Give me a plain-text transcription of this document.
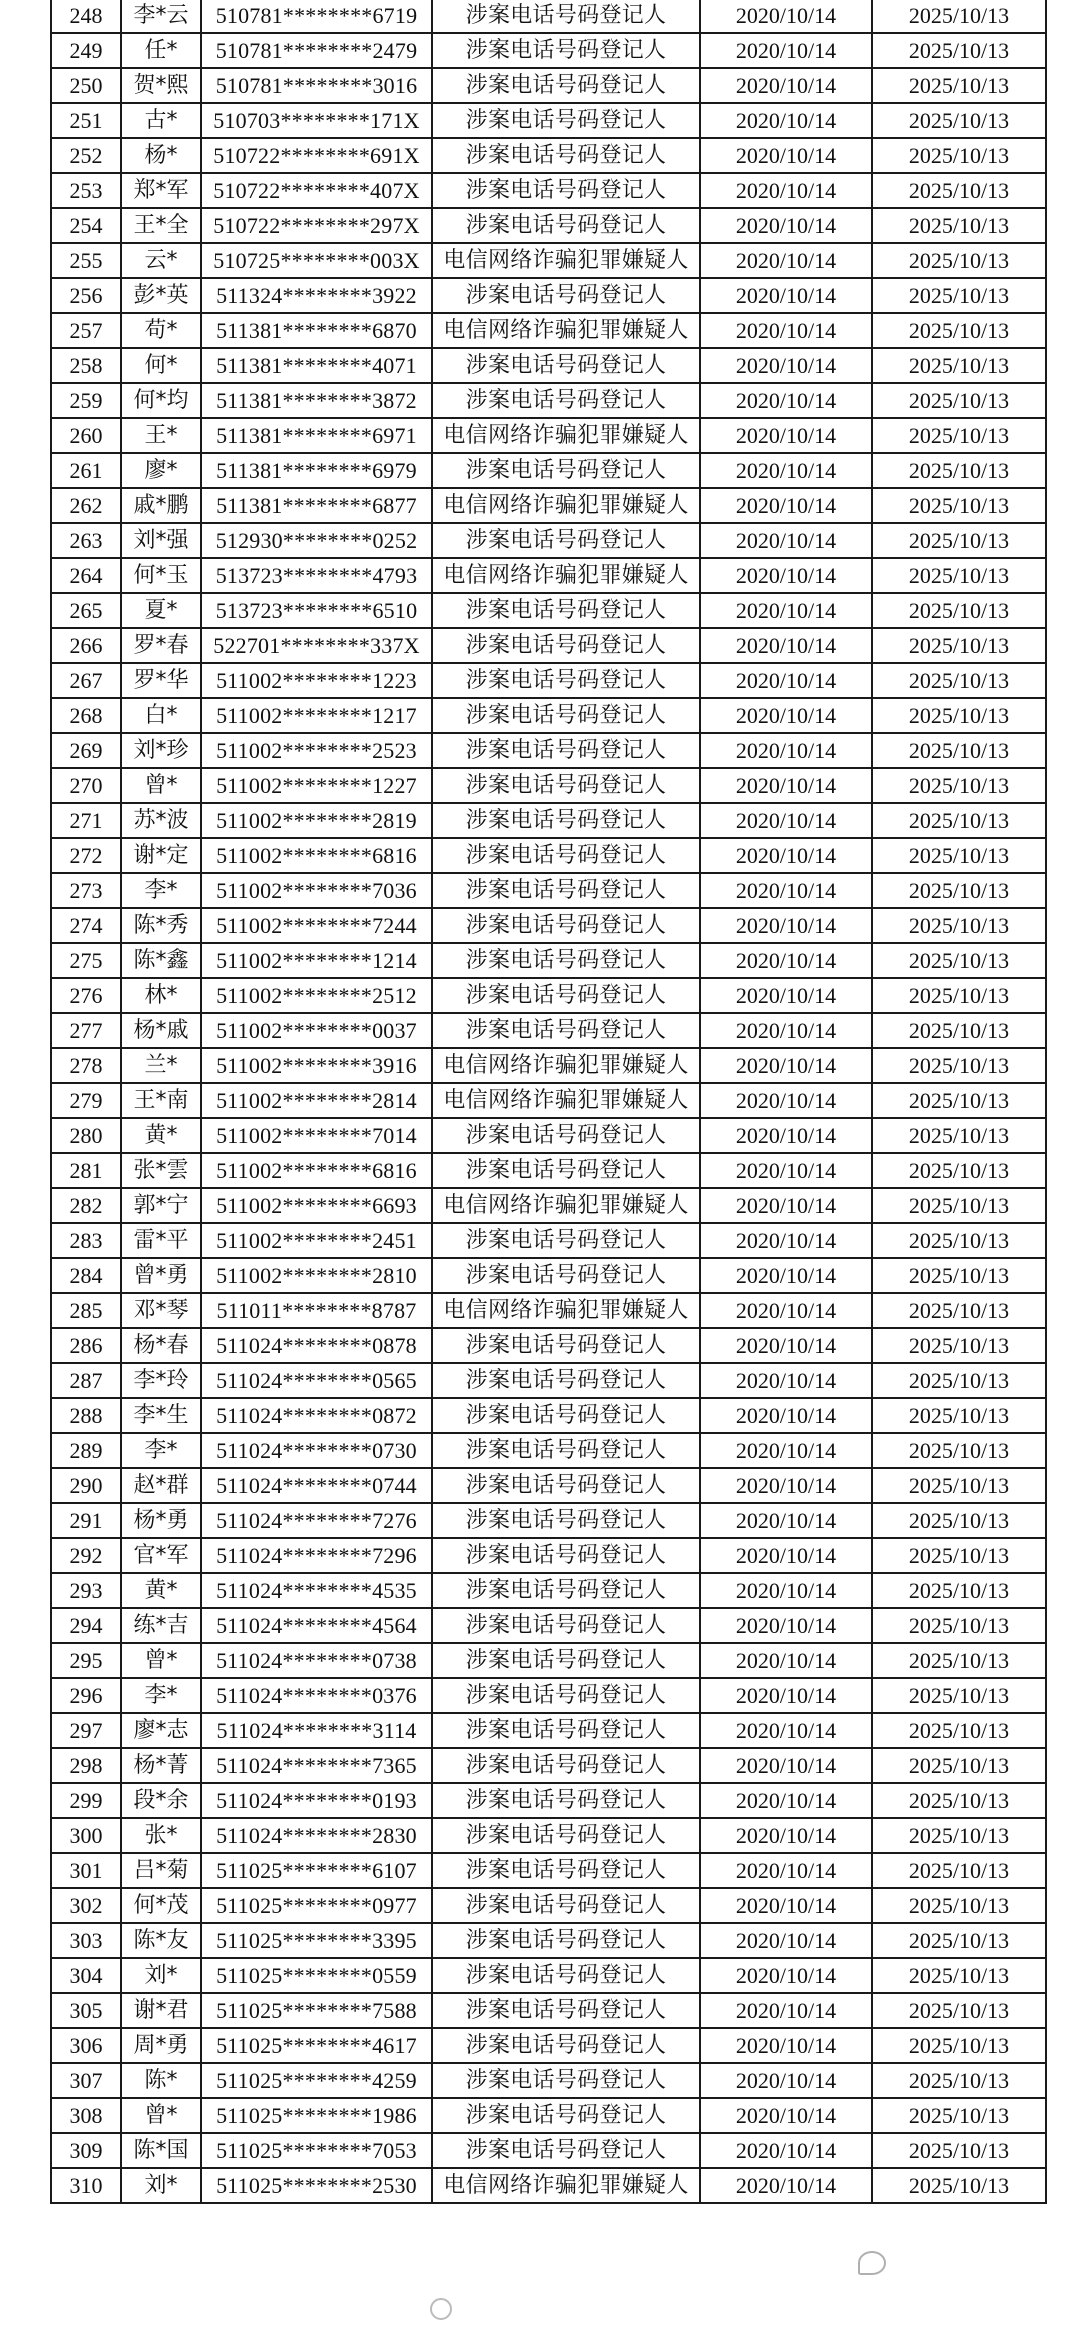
248	李*云	510781********6719	涉案电话号码登记人	2020/10/14	2025/10/13
249	任*	510781********2479	涉案电话号码登记人	2020/10/14	2025/10/13
250	贺*熙	510781********3016	涉案电话号码登记人	2020/10/14	2025/10/13
251	古*	510703********171X	涉案电话号码登记人	2020/10/14	2025/10/13
252	杨*	510722********691X	涉案电话号码登记人	2020/10/14	2025/10/13
253	郑*军	510722********407X	涉案电话号码登记人	2020/10/14	2025/10/13
254	王*全	510722********297X	涉案电话号码登记人	2020/10/14	2025/10/13
255	云*	510725********003X	电信网络诈骗犯罪嫌疑人	2020/10/14	2025/10/13
256	彭*英	511324********3922	涉案电话号码登记人	2020/10/14	2025/10/13
257	苟*	511381********6870	电信网络诈骗犯罪嫌疑人	2020/10/14	2025/10/13
258	何*	511381********4071	涉案电话号码登记人	2020/10/14	2025/10/13
259	何*均	511381********3872	涉案电话号码登记人	2020/10/14	2025/10/13
260	王*	511381********6971	电信网络诈骗犯罪嫌疑人	2020/10/14	2025/10/13
261	廖*	511381********6979	涉案电话号码登记人	2020/10/14	2025/10/13
262	戚*鹏	511381********6877	电信网络诈骗犯罪嫌疑人	2020/10/14	2025/10/13
263	刘*强	512930********0252	涉案电话号码登记人	2020/10/14	2025/10/13
264	何*玉	513723********4793	电信网络诈骗犯罪嫌疑人	2020/10/14	2025/10/13
265	夏*	513723********6510	涉案电话号码登记人	2020/10/14	2025/10/13
266	罗*春	522701********337X	涉案电话号码登记人	2020/10/14	2025/10/13
267	罗*华	511002********1223	涉案电话号码登记人	2020/10/14	2025/10/13
268	白*	511002********1217	涉案电话号码登记人	2020/10/14	2025/10/13
269	刘*珍	511002********2523	涉案电话号码登记人	2020/10/14	2025/10/13
270	曾*	511002********1227	涉案电话号码登记人	2020/10/14	2025/10/13
271	苏*波	511002********2819	涉案电话号码登记人	2020/10/14	2025/10/13
272	谢*定	511002********6816	涉案电话号码登记人	2020/10/14	2025/10/13
273	李*	511002********7036	涉案电话号码登记人	2020/10/14	2025/10/13
274	陈*秀	511002********7244	涉案电话号码登记人	2020/10/14	2025/10/13
275	陈*鑫	511002********1214	涉案电话号码登记人	2020/10/14	2025/10/13
276	林*	511002********2512	涉案电话号码登记人	2020/10/14	2025/10/13
277	杨*戚	511002********0037	涉案电话号码登记人	2020/10/14	2025/10/13
278	兰*	511002********3916	电信网络诈骗犯罪嫌疑人	2020/10/14	2025/10/13
279	王*南	511002********2814	电信网络诈骗犯罪嫌疑人	2020/10/14	2025/10/13
280	黄*	511002********7014	涉案电话号码登记人	2020/10/14	2025/10/13
281	张*雲	511002********6816	涉案电话号码登记人	2020/10/14	2025/10/13
282	郭*宁	511002********6693	电信网络诈骗犯罪嫌疑人	2020/10/14	2025/10/13
283	雷*平	511002********2451	涉案电话号码登记人	2020/10/14	2025/10/13
284	曾*勇	511002********2810	涉案电话号码登记人	2020/10/14	2025/10/13
285	邓*琴	511011********8787	电信网络诈骗犯罪嫌疑人	2020/10/14	2025/10/13
286	杨*春	511024********0878	涉案电话号码登记人	2020/10/14	2025/10/13
287	李*玲	511024********0565	涉案电话号码登记人	2020/10/14	2025/10/13
288	李*生	511024********0872	涉案电话号码登记人	2020/10/14	2025/10/13
289	李*	511024********0730	涉案电话号码登记人	2020/10/14	2025/10/13
290	赵*群	511024********0744	涉案电话号码登记人	2020/10/14	2025/10/13
291	杨*勇	511024********7276	涉案电话号码登记人	2020/10/14	2025/10/13
292	官*军	511024********7296	涉案电话号码登记人	2020/10/14	2025/10/13
293	黄*	511024********4535	涉案电话号码登记人	2020/10/14	2025/10/13
294	练*吉	511024********4564	涉案电话号码登记人	2020/10/14	2025/10/13
295	曾*	511024********0738	涉案电话号码登记人	2020/10/14	2025/10/13
296	李*	511024********0376	涉案电话号码登记人	2020/10/14	2025/10/13
297	廖*志	511024********3114	涉案电话号码登记人	2020/10/14	2025/10/13
298	杨*菁	511024********7365	涉案电话号码登记人	2020/10/14	2025/10/13
299	段*余	511024********0193	涉案电话号码登记人	2020/10/14	2025/10/13
300	张*	511024********2830	涉案电话号码登记人	2020/10/14	2025/10/13
301	吕*菊	511025********6107	涉案电话号码登记人	2020/10/14	2025/10/13
302	何*茂	511025********0977	涉案电话号码登记人	2020/10/14	2025/10/13
303	陈*友	511025********3395	涉案电话号码登记人	2020/10/14	2025/10/13
304	刘*	511025********0559	涉案电话号码登记人	2020/10/14	2025/10/13
305	谢*君	511025********7588	涉案电话号码登记人	2020/10/14	2025/10/13
306	周*勇	511025********4617	涉案电话号码登记人	2020/10/14	2025/10/13
307	陈*	511025********4259	涉案电话号码登记人	2020/10/14	2025/10/13
308	曾*	511025********1986	涉案电话号码登记人	2020/10/14	2025/10/13
309	陈*国	511025********7053	涉案电话号码登记人	2020/10/14	2025/10/13
310	刘*	511025********2530	电信网络诈骗犯罪嫌疑人	2020/10/14	2025/10/13
